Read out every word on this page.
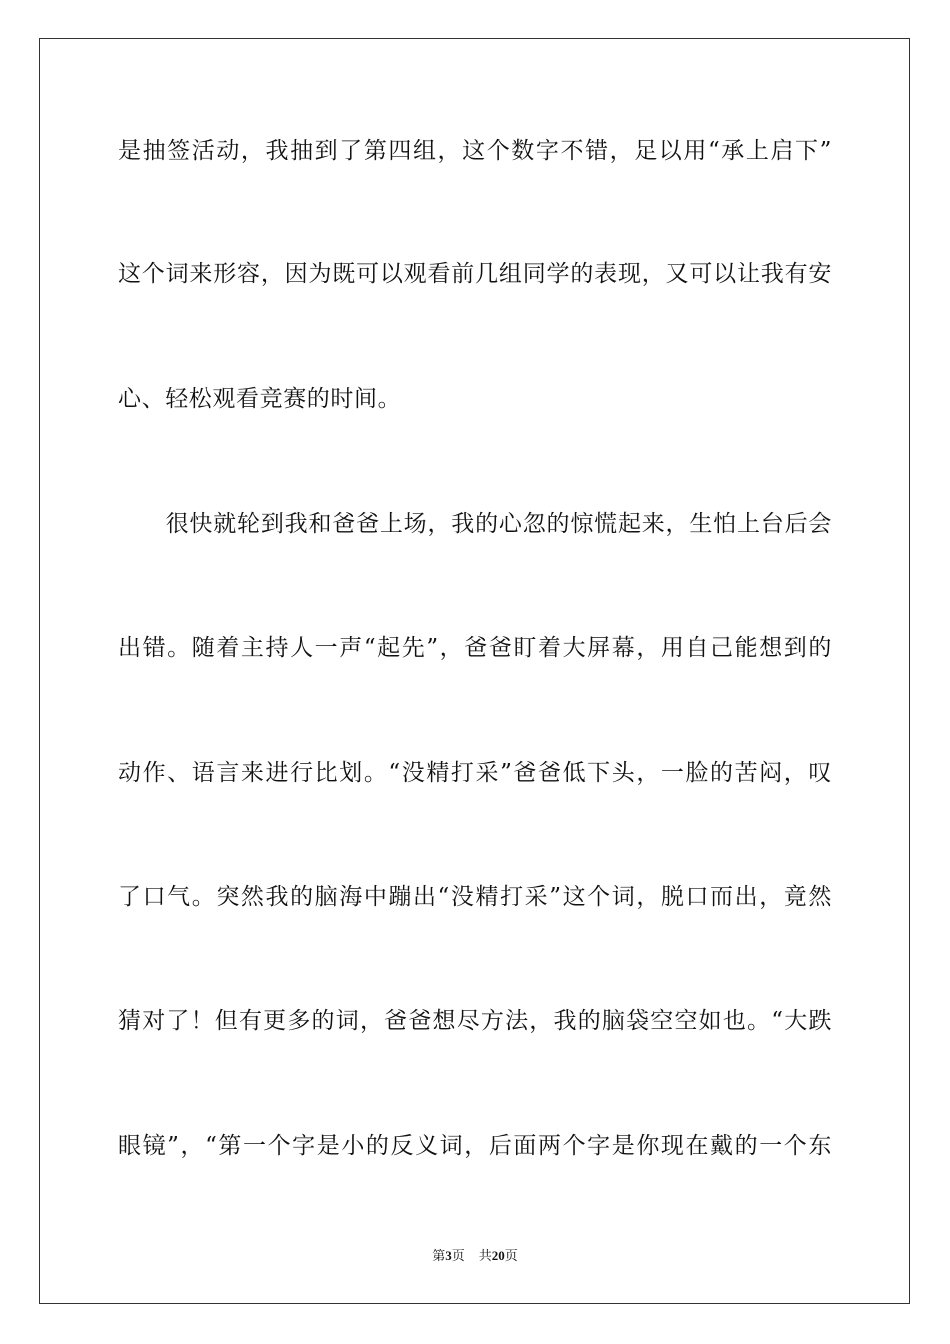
是抽签活动，我抽到了第四组，这个数字不错，足以用“承上启下”
这个词来形容，因为既可以观看前几组同学的表现，又可以让我有安
心、轻松观看竞赛的时间。
　　很快就轮到我和爸爸上场，我的心忽的惊慌起来，生怕上台后会
出错。随着主持人一声“起先”，爸爸盯着大屏幕，用自己能想到的
动作、语言来进行比划。“没精打采”爸爸低下头，一脸的苦闷，叹
了口气。突然我的脑海中蹦出“没精打采”这个词，脱口而出，竟然
猜对了！但有更多的词，爸爸想尽方法，我的脑袋空空如也。“大跌
眼镜”，“第一个字是小的反义词，后面两个字是你现在戴的一个东
第3页 共20页
